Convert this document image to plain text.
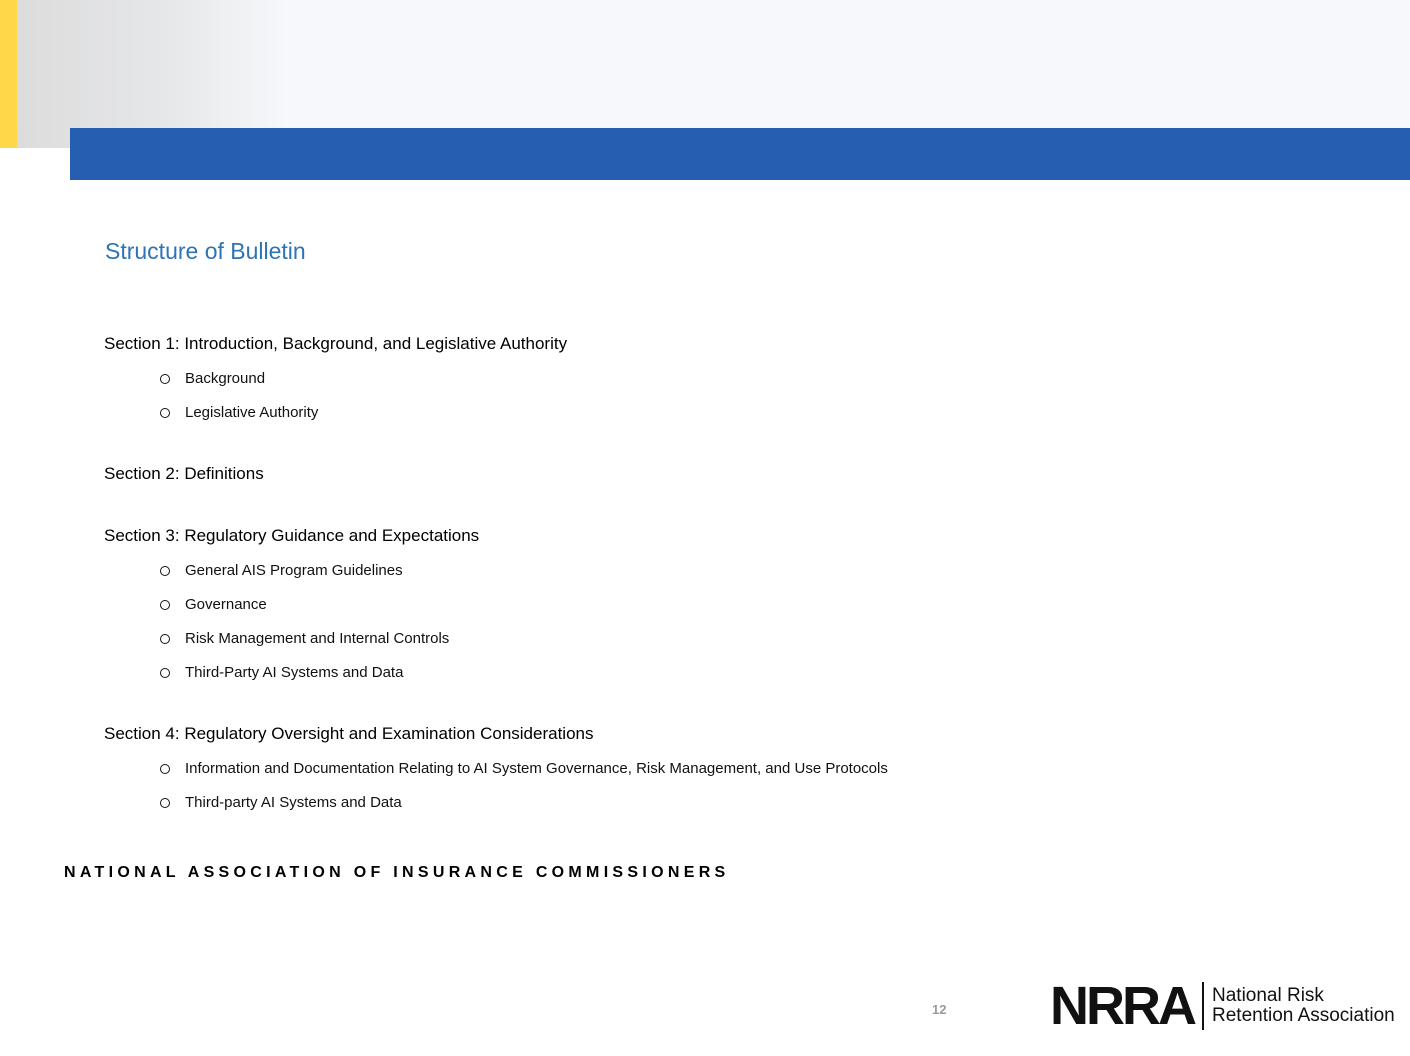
Structure of Bulletin
Section 1: Introduction, Background, and Legislative Authority
Background
Legislative Authority
Section 2: Definitions
Section 3: Regulatory Guidance and Expectations
General AIS Program Guidelines
Governance
Risk Management and Internal Controls
Third-Party AI Systems and Data
Section 4: Regulatory Oversight and Examination Considerations
Information and Documentation Relating to AI System Governance, Risk Management, and Use Protocols
Third-party AI Systems and Data
NATIONAL ASSOCIATION OF INSURANCE COMMISSIONERS
12 NRRA National Risk
Retention Association
